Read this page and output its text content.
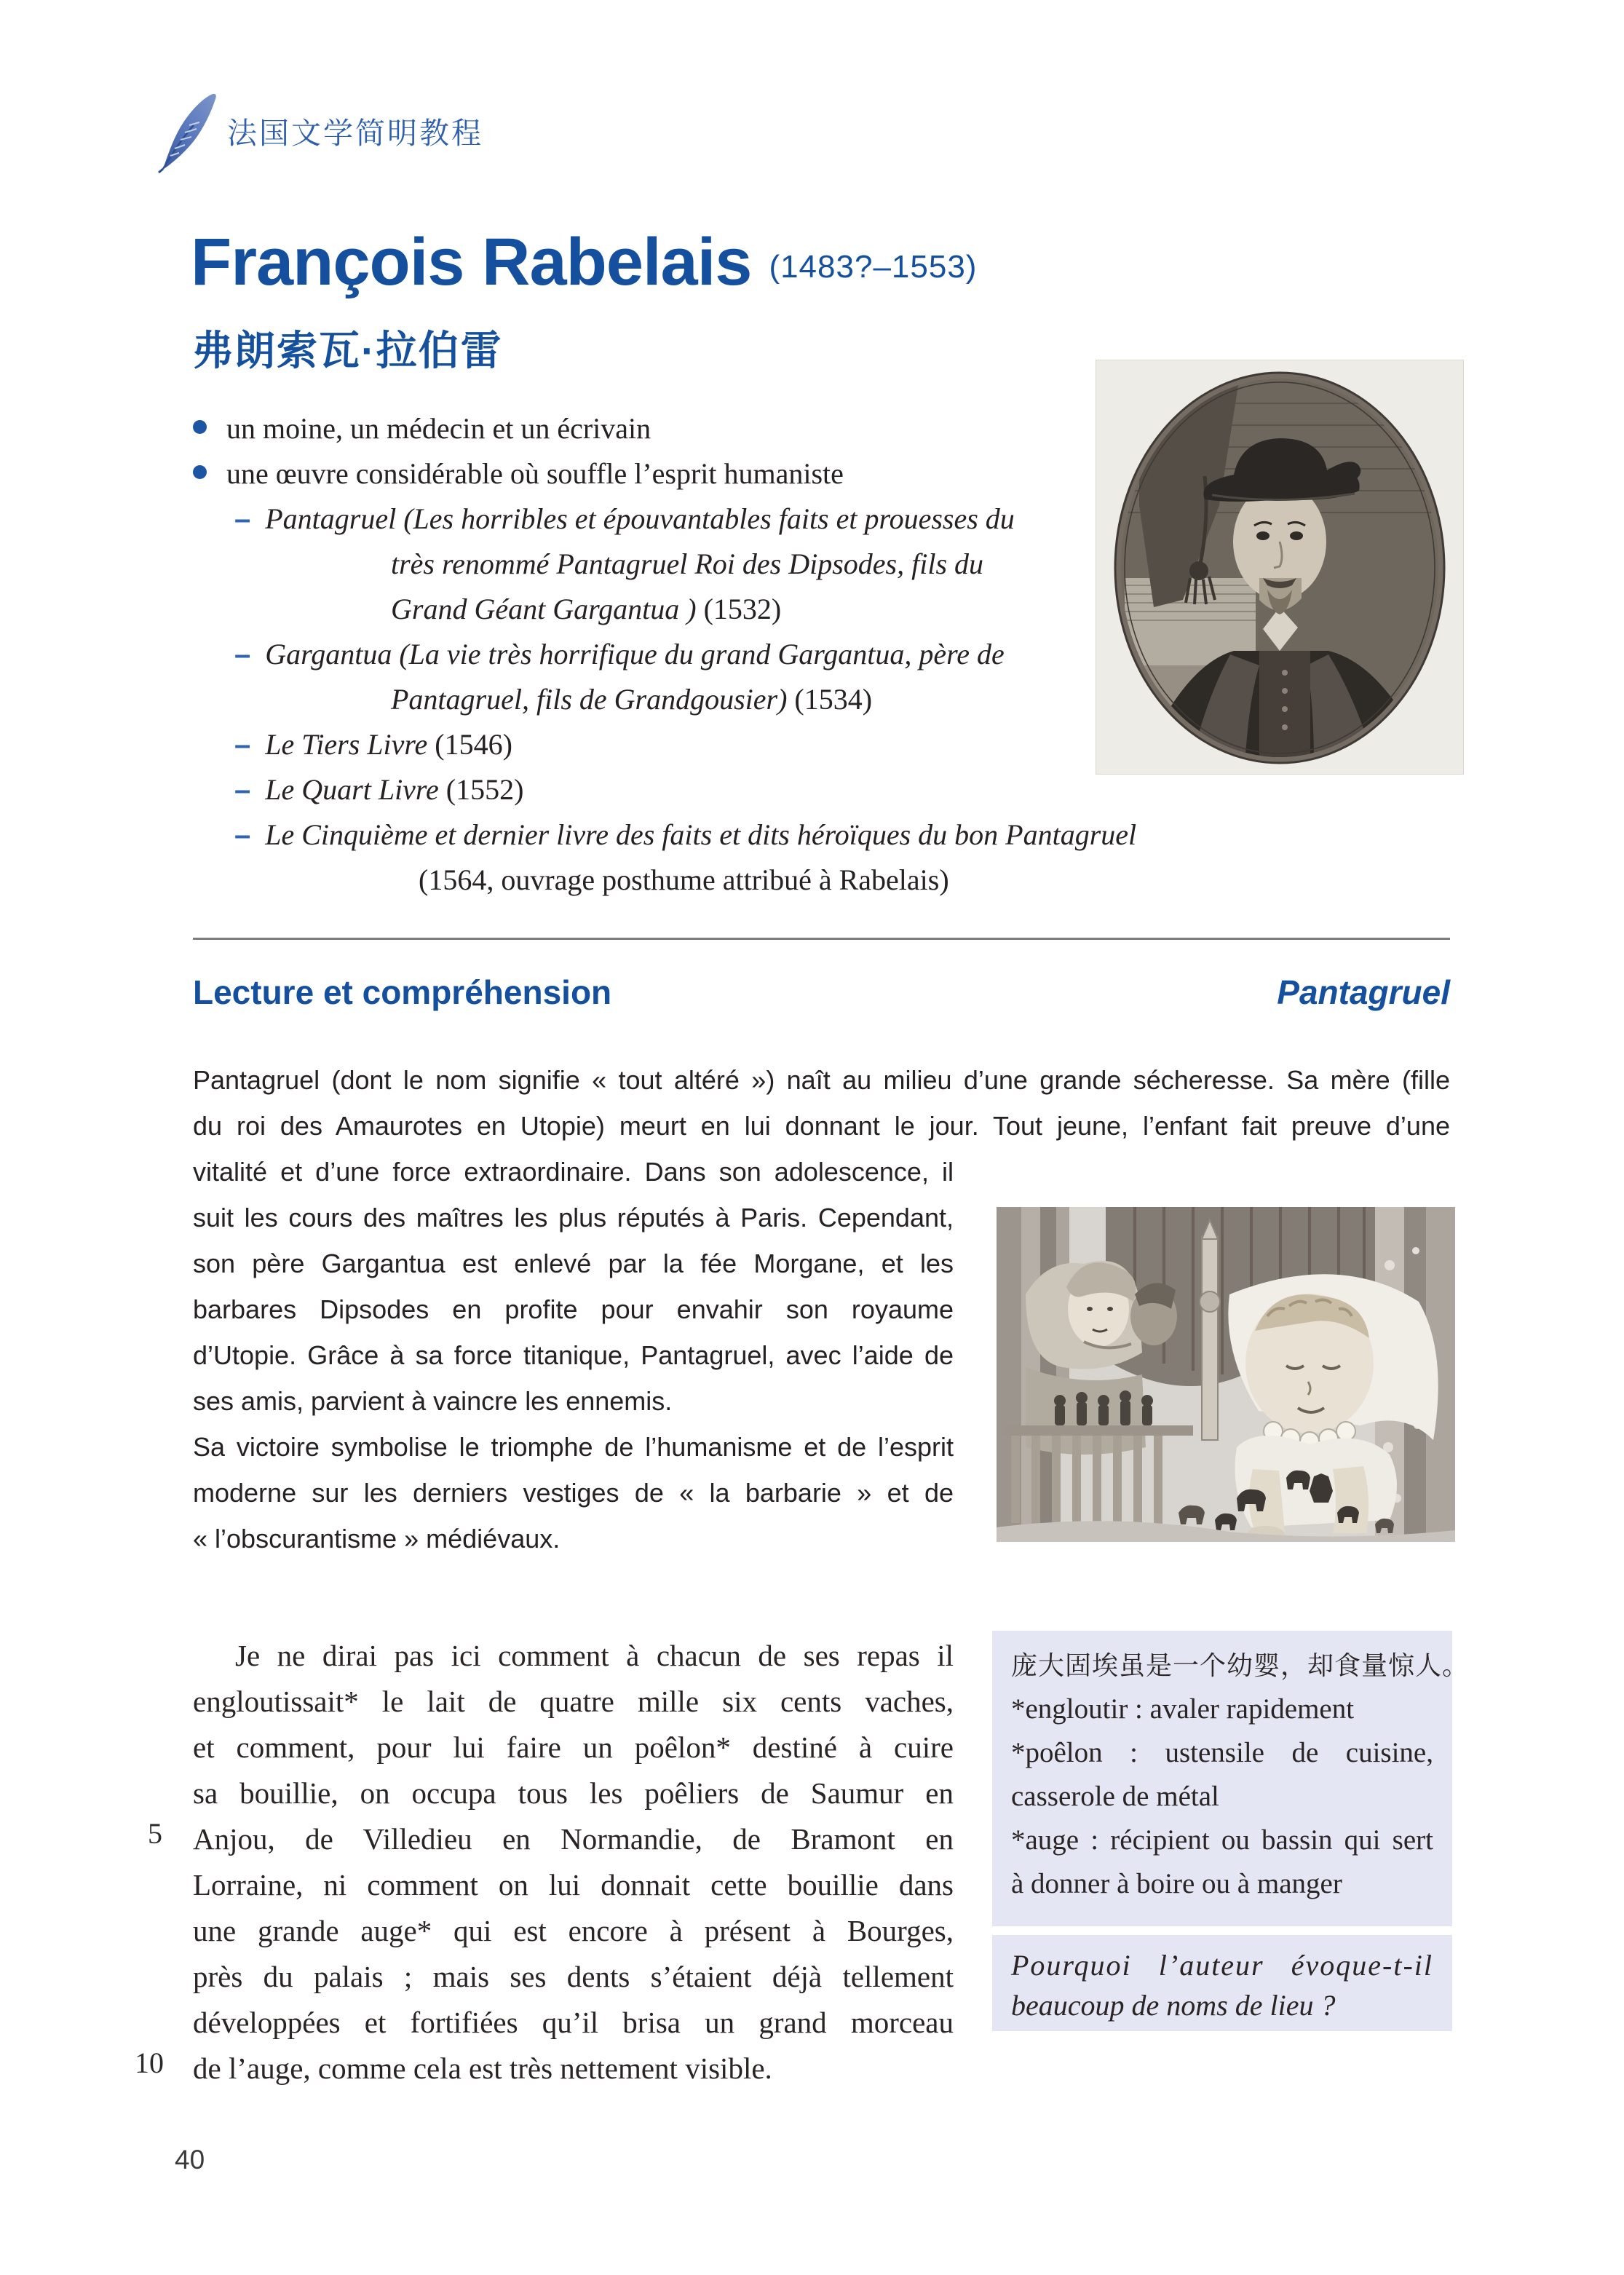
法国文学简明教程
François Rabelais (1483?–1553)
弗朗索瓦·拉伯雷
un moine, un médecin et un écrivain
une œuvre considérable où souffle l’esprit humaniste
– Pantagruel (Les horribles et épouvantables faits et prouesses du
très renommé Pantagruel Roi des Dipsodes, fils du
Grand Géant Gargantua ) (1532)
– Gargantua (La vie très horrifique du grand Gargantua, père de
Pantagruel, fils de Grandgousier) (1534)
– Le Tiers Livre (1546)
– Le Quart Livre (1552)
– Le Cinquième et dernier livre des faits et dits héroïques du bon Pantagruel
(1564, ouvrage posthume attribué à Rabelais)
Lecture et compréhension	Pantagruel
Pantagruel (dont le nom signifie « tout altéré ») naît au milieu d’une grande sécheresse. Sa mère (fille
du roi des Amaurotes en Utopie) meurt en lui donnant le jour. Tout jeune, l’enfant fait preuve d’une
vitalité et d’une force extraordinaire. Dans son adolescence, il
suit les cours des maîtres les plus réputés à Paris. Cependant,
son père Gargantua est enlevé par la fée Morgane, et les
barbares Dipsodes en profite pour envahir son royaume
d’Utopie. Grâce à sa force titanique, Pantagruel, avec l’aide de
ses amis, parvient à vaincre les ennemis.
Sa victoire symbolise le triomphe de l’humanisme et de l’esprit
moderne sur les derniers vestiges de « la barbarie » et de
« l’obscurantisme » médiévaux.
Je ne dirai pas ici comment à chacun de ses repas il
engloutissait* le lait de quatre mille six cents vaches,
et comment, pour lui faire un poêlon* destiné à cuire
sa bouillie, on occupa tous les poêliers de Saumur en
Anjou, de Villedieu en Normandie, de Bramont en
Lorraine, ni comment on lui donnait cette bouillie dans
une grande auge* qui est encore à présent à Bourges,
près du palais ; mais ses dents s’étaient déjà tellement
développées et fortifiées qu’il brisa un grand morceau
de l’auge, comme cela est très nettement visible.
5
10
庞大固埃虽是一个幼婴，却食量惊人。
*engloutir : avaler rapidement
*poêlon : ustensile de cuisine,
casserole de métal
*auge : récipient ou bassin qui sert
à donner à boire ou à manger
Pourquoi l’auteur évoque-t-il
beaucoup de noms de lieu ?
40
